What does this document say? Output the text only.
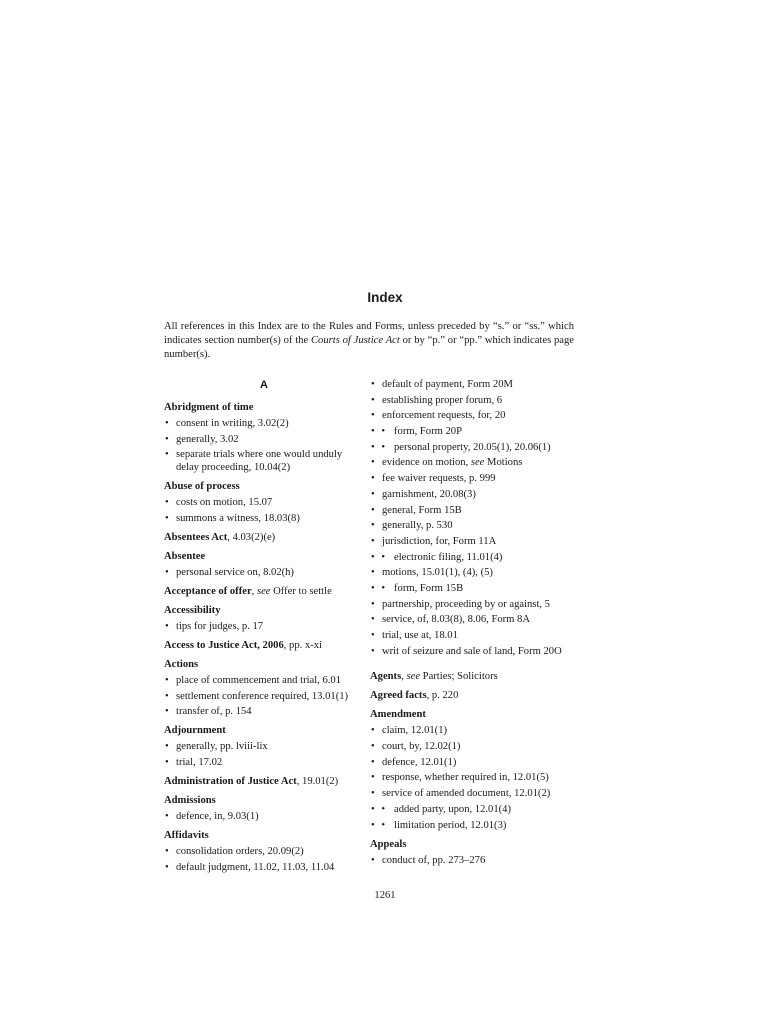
Index
All references in this Index are to the Rules and Forms, unless preceded by “s.” or “ss.” which indicates section number(s) of the Courts of Justice Act or by “p.” or “pp.” which indicates page number(s).
A
Abridgment of time
• consent in writing, 3.02(2)
• generally, 3.02
• separate trials where one would unduly delay proceeding, 10.04(2)
Abuse of process
• costs on motion, 15.07
• summons a witness, 18.03(8)
Absentees Act, 4.03(2)(e)
Absentee
• personal service on, 8.02(h)
Acceptance of offer, see Offer to settle
Accessibility
• tips for judges, p. 17
Access to Justice Act, 2006, pp. x-xi
Actions
• place of commencement and trial, 6.01
• settlement conference required, 13.01(1)
• transfer of, p. 154
Adjournment
• generally, pp. lviii-lix
• trial, 17.02
Administration of Justice Act, 19.01(2)
Admissions
• defence, in, 9.03(1)
Affidavits
• consolidation orders, 20.09(2)
• default judgment, 11.02, 11.03, 11.04
• default of payment, Form 20M
• establishing proper forum, 6
• enforcement requests, for, 20
• • form, Form 20P
• • personal property, 20.05(1), 20.06(1)
• evidence on motion, see Motions
• fee waiver requests, p. 999
• garnishment, 20.08(3)
• general, Form 15B
• generally, p. 530
• jurisdiction, for, Form 11A
• • electronic filing, 11.01(4)
• motions, 15.01(1), (4), (5)
• • form, Form 15B
• partnership, proceeding by or against, 5
• service, of, 8.03(8), 8.06, Form 8A
• trial, use at, 18.01
• writ of seizure and sale of land, Form 20O
Agents, see Parties; Solicitors
Agreed facts, p. 220
Amendment
• claim, 12.01(1)
• court, by, 12.02(1)
• defence, 12.01(1)
• response, whether required in, 12.01(5)
• service of amended document, 12.01(2)
• • added party, upon, 12.01(4)
• • limitation period, 12.01(3)
Appeals
• conduct of, pp. 273–276
1261
